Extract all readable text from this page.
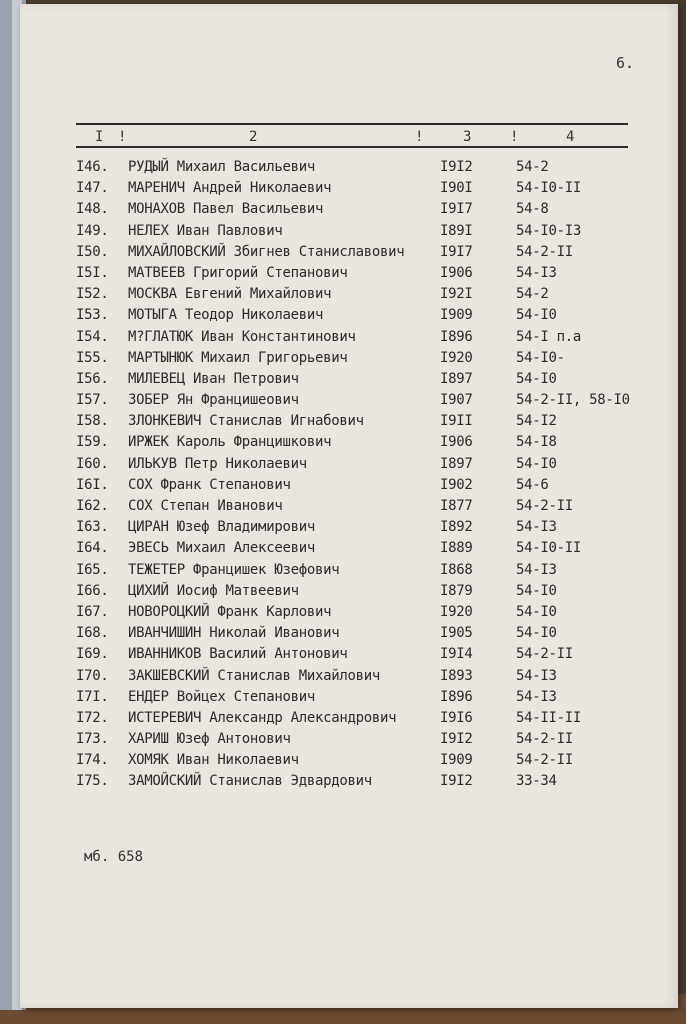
6.
I !	2	!	3	!	4
I46. РУДЫЙ Михаил Васильевич	I9I2	54-2
I47. МАРЕНИЧ Андрей Николаевич	I90I	54-I0-II
I48. МОНАХОВ Павел Васильевич	I9I7	54-8
I49. НЕЛЕХ Иван Павлович	I89I	54-I0-I3
I50. МИХАЙЛОВСКИЙ Збигнев Станиславович	I9I7	54-2-II
I5I. МАТВЕЕВ Григорий Степанович	I906	54-I3
I52. МОСКВА Евгений Михайлович	I92I	54-2
I53. МОТЫГА Теодор Николаевич	I909	54-I0
I54. М?ГЛАТЮК Иван Константинович	I896	54-I п.а
I55. МАРТЫНЮК Михаил Григорьевич	I920	54-I0-
I56. МИЛЕВЕЦ Иван Петрович	I897	54-I0
I57. ЗОБЕР Ян Францишеович	I907	54-2-II, 58-I0
I58. ЗЛОНКЕВИЧ Станислав Игнабович	I9II	54-I2
I59. ИРЖЕК Кароль Францишкович	I906	54-I8
I60. ИЛЬКУВ Петр Николаевич	I897	54-I0
I6I. СОХ Франк Степанович	I902	54-6
I62. СОХ Степан Иванович	I877	54-2-II
I63. ЦИРАН Юзеф Владимирович	I892	54-I3
I64. ЭВЕСЬ Михаил Алексеевич	I889	54-I0-II
I65. ТЕЖЕТЕР Францишек Юзефович	I868	54-I3
I66. ЦИХИЙ Иосиф Матвеевич	I879	54-I0
I67. НОВОРОЦКИЙ Франк Карлович	I920	54-I0
I68. ИВАНЧИШИН Николай Иванович	I905	54-I0
I69. ИВАННИКОВ Василий Антонович	I9I4	54-2-II
I70. ЗАКШЕВСКИЙ Станислав Михайлович	I893	54-I3
I7I. ЕНДЕР Войцех Степанович	I896	54-I3
I72. ИСТЕРЕВИЧ Александр Александрович	I9I6	54-II-II
I73. ХАРИШ Юзеф Антонович	I9I2	54-2-II
I74. ХОМЯК Иван Николаевич	I909	54-2-II
I75. ЗАМОЙСКИЙ Станислав Эдвардович	I9I2	33-34
мб. 658
